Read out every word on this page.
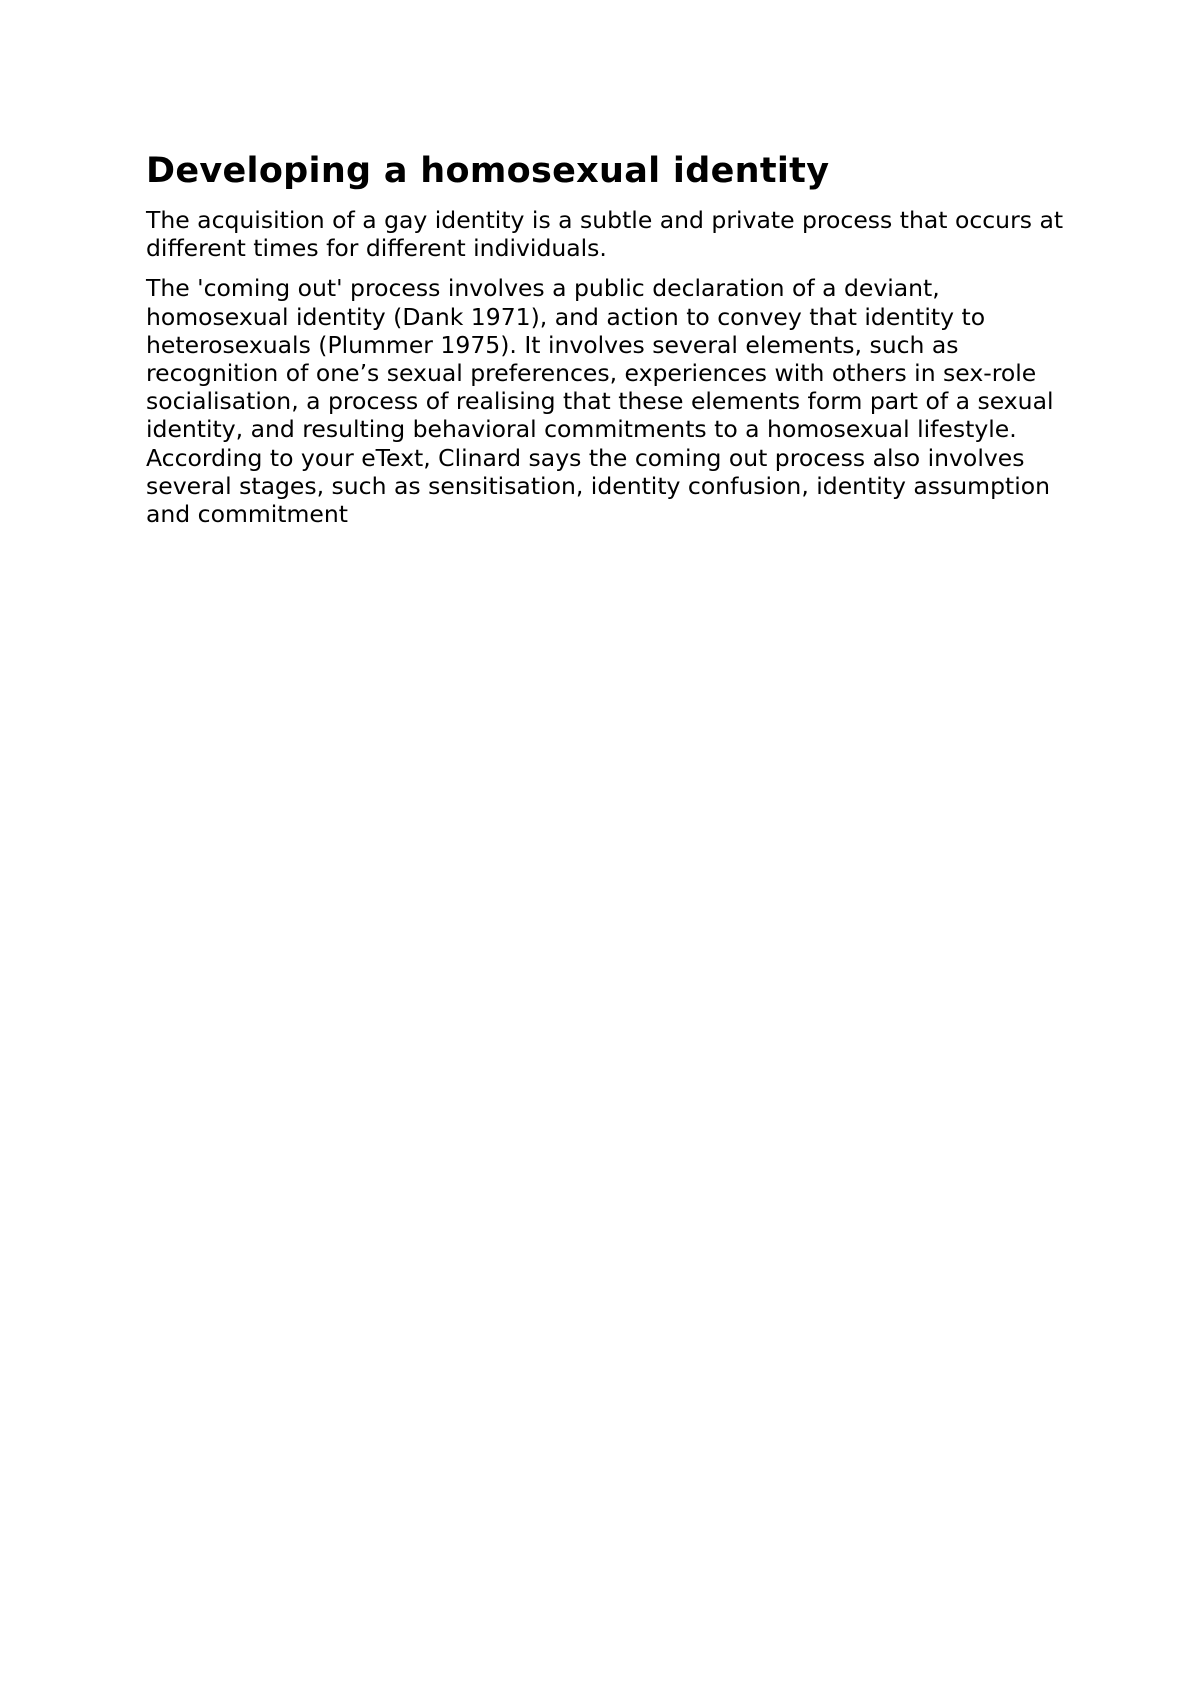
Developing a homosexual identity

The acquisition of a gay identity is a subtle and private process that occurs at different times for different individuals.

The 'coming out' process involves a public declaration of a deviant, homosexual identity (Dank 1971), and action to convey that identity to heterosexuals (Plummer 1975). It involves several elements, such as recognition of one’s sexual preferences, experiences with others in sex-role socialisation, a process of realising that these elements form part of a sexual identity, and resulting behavioral commitments to a homosexual lifestyle. According to your eText, Clinard says the coming out process also involves several stages, such as sensitisation, identity confusion, identity assumption and commitment
